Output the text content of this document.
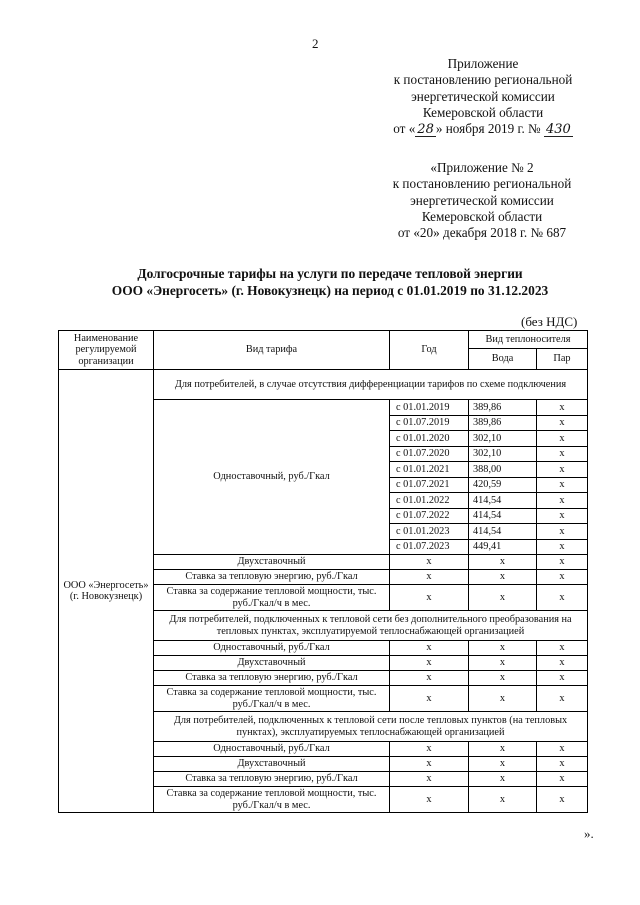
2
Приложение
к постановлению региональной
энергетической комиссии
Кемеровской области
от « 28 » ноября 2019 г. № 430
«Приложение № 2
к постановлению региональной
энергетической комиссии
Кемеровской области
от «20» декабря 2018 г. № 687
Долгосрочные тарифы на услуги по передаче тепловой энергии
ООО «Энергосеть» (г. Новокузнецк) на период с 01.01.2019 по 31.12.2023
(без НДС)
Наименование регулируемой организации	Вид тарифа	Год	Вид теплоносителя	
			Вода	Пар
ООО «Энергосеть» (г. Новокузнецк)	Для потребителей, в случае отсутствия дифференциации тарифов по схеме подключения			
	Одноставочный, руб./Гкал	с 01.01.2019	389,86	x
		с 01.07.2019	389,86	x
		с 01.01.2020	302,10	x
		с 01.07.2020	302,10	x
		с 01.01.2021	388,00	x
		с 01.07.2021	420,59	x
		с 01.01.2022	414,54	x
		с 01.07.2022	414,54	x
		с 01.01.2023	414,54	x
		с 01.07.2023	449,41	x
	Двухставочный	x	x	x
	Ставка за тепловую энергию, руб./Гкал	x	x	x
	Ставка за содержание тепловой мощности, тыс. руб./Гкал/ч в мес.	x	x	x
	Для потребителей, подключенных к тепловой сети без дополнительного преобразования на тепловых пунктах, эксплуатируемой теплоснабжающей организацией			
	Одноставочный, руб./Гкал	x	x	x
	Двухставочный	x	x	x
	Ставка за тепловую энергию, руб./Гкал	x	x	x
	Ставка за содержание тепловой мощности, тыс. руб./Гкал/ч в мес.	x	x	x
	Для потребителей, подключенных к тепловой сети после тепловых пунктов (на тепловых пунктах), эксплуатируемых теплоснабжающей организацией			
	Одноставочный, руб./Гкал	x	x	x
	Двухставочный	x	x	x
	Ставка за тепловую энергию, руб./Гкал	x	x	x
	Ставка за содержание тепловой мощности, тыс. руб./Гкал/ч в мес.	x	x	x
».
